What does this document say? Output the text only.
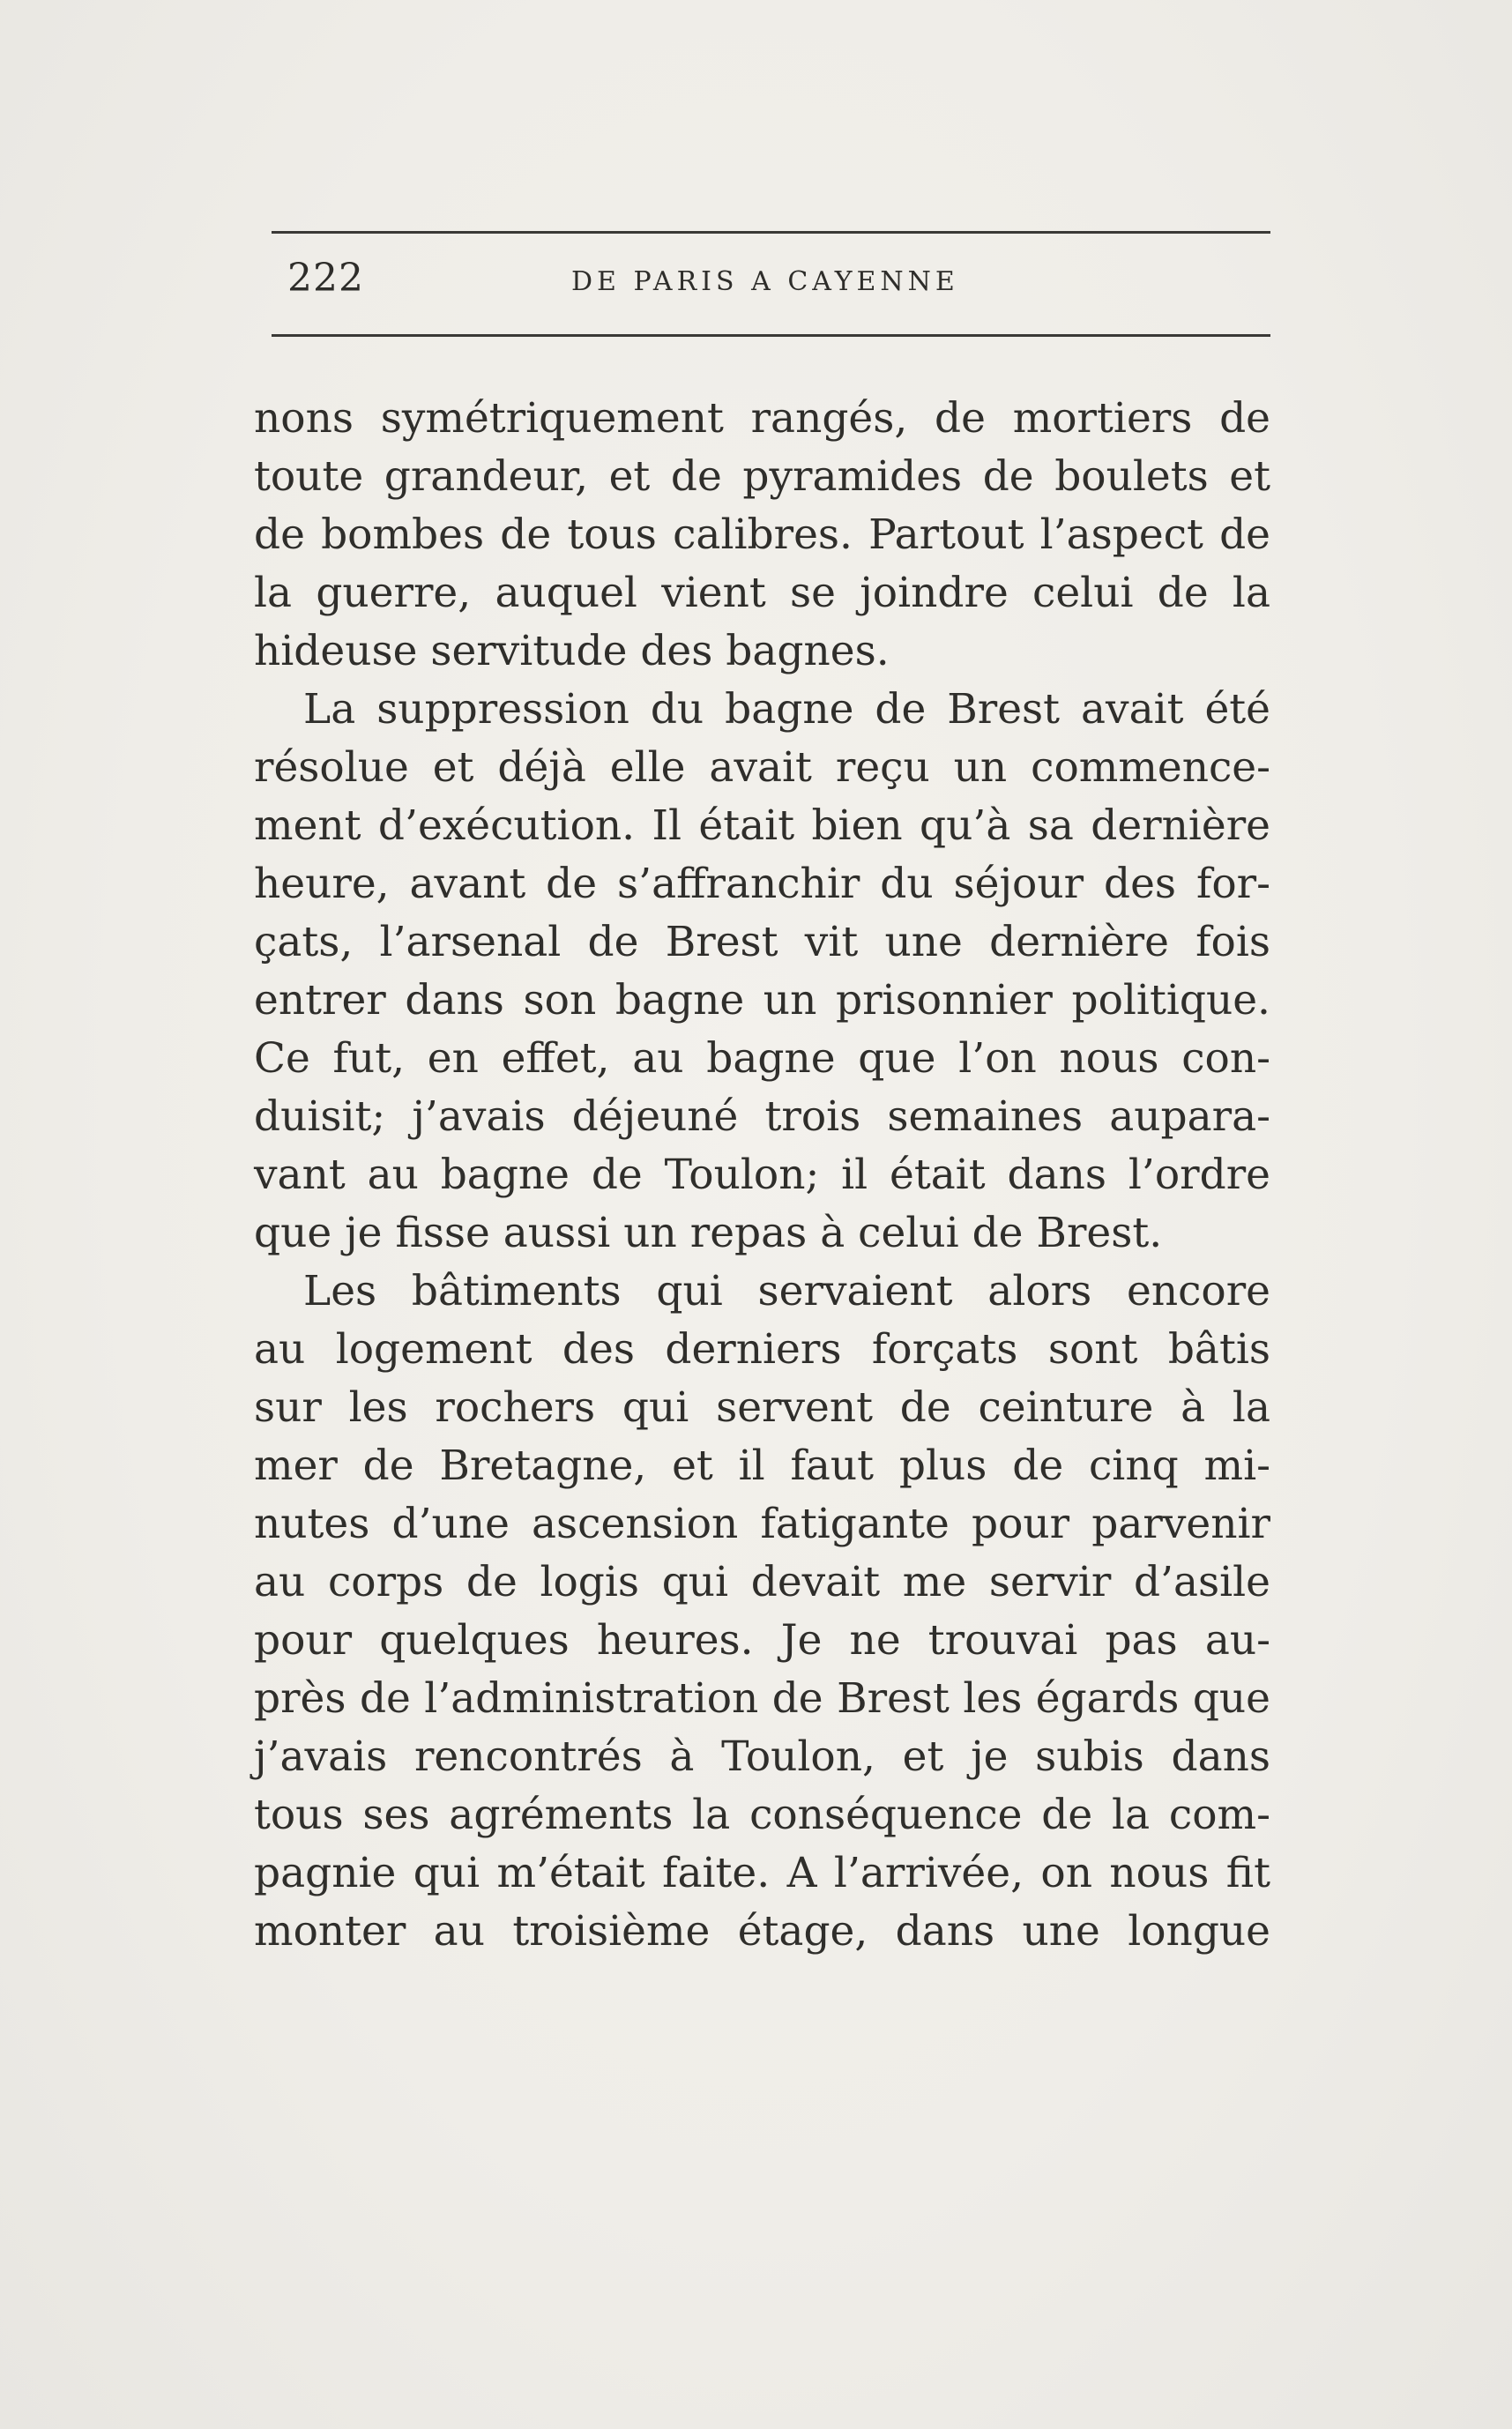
222	DE PARIS A CAYENNE
nons symétriquement rangés, de mortiers de
toute grandeur, et de pyramides de boulets et
de bombes de tous calibres. Partout l’aspect de
la guerre, auquel vient se joindre celui de la
hideuse servitude des bagnes.
La suppression du bagne de Brest avait été
résolue et déjà elle avait reçu un commence-
ment d’exécution. Il était bien qu’à sa dernière
heure, avant de s’affranchir du séjour des for-
çats, l’arsenal de Brest vit une dernière fois
entrer dans son bagne un prisonnier politique.
Ce fut, en effet, au bagne que l’on nous con-
duisit; j’avais déjeuné trois semaines aupara-
vant au bagne de Toulon; il était dans l’ordre
que je fisse aussi un repas à celui de Brest.
Les bâtiments qui servaient alors encore
au logement des derniers forçats sont bâtis
sur les rochers qui servent de ceinture à la
mer de Bretagne, et il faut plus de cinq mi-
nutes d’une ascension fatigante pour parvenir
au corps de logis qui devait me servir d’asile
pour quelques heures. Je ne trouvai pas au-
près de l’administration de Brest les égards que
j’avais rencontrés à Toulon, et je subis dans
tous ses agréments la conséquence de la com-
pagnie qui m’était faite. A l’arrivée, on nous fit
monter au troisième étage, dans une longue
